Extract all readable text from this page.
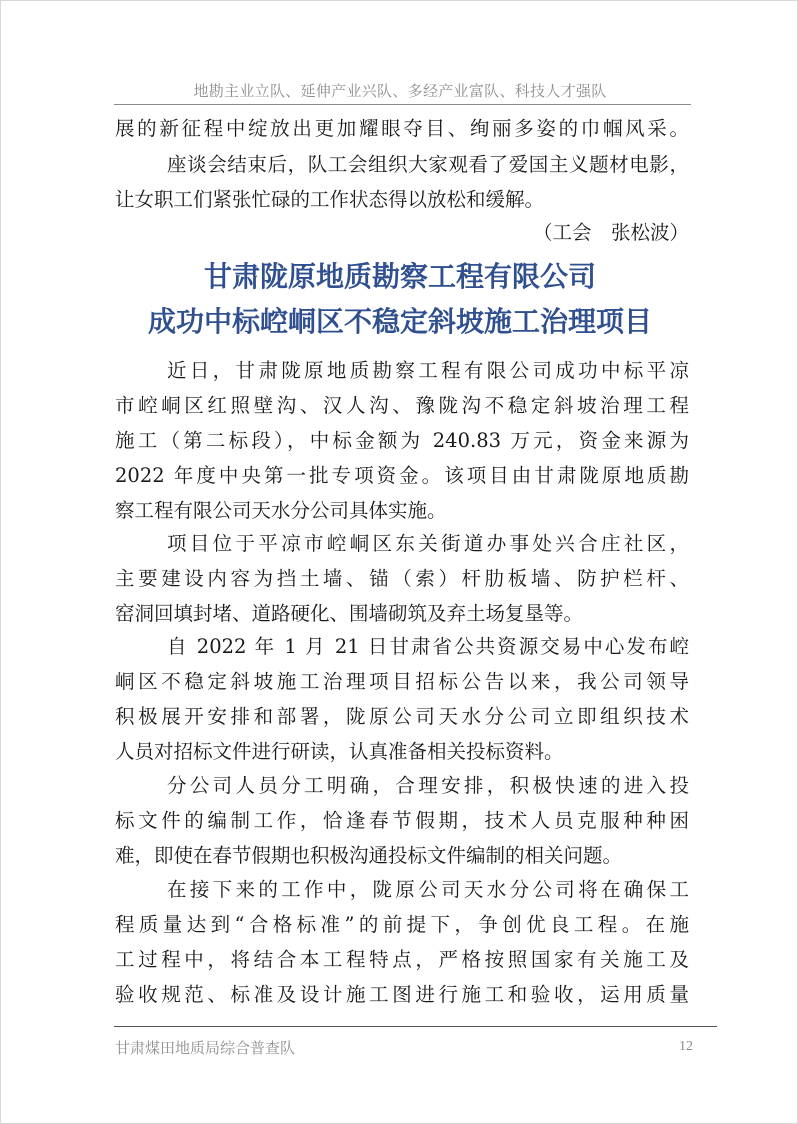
地勘主业立队、延伸产业兴队、多经产业富队、科技人才强队
展的新征程中绽放出更加耀眼夺目、绚丽多姿的巾帼风采。
座谈会结束后，队工会组织大家观看了爱国主义题材电影，
让女职工们紧张忙碌的工作状态得以放松和缓解。
（工会　张松波）
甘肃陇原地质勘察工程有限公司
成功中标崆峒区不稳定斜坡施工治理项目
近日，甘肃陇原地质勘察工程有限公司成功中标平凉
市崆峒区红照壁沟、汉人沟、豫陇沟不稳定斜坡治理工程
施工（第二标段），中标金额为 240.83 万元，资金来源为
2022 年度中央第一批专项资金。该项目由甘肃陇原地质勘
察工程有限公司天水分公司具体实施。
项目位于平凉市崆峒区东关街道办事处兴合庄社区，
主要建设内容为挡土墙、锚（索）杆肋板墙、防护栏杆、
窑洞回填封堵、道路硬化、围墙砌筑及弃土场复垦等。
自 2022 年 1 月 21 日甘肃省公共资源交易中心发布崆
峒区不稳定斜坡施工治理项目招标公告以来，我公司领导
积极展开安排和部署，陇原公司天水分公司立即组织技术
人员对招标文件进行研读，认真准备相关投标资料。
分公司人员分工明确，合理安排，积极快速的进入投
标文件的编制工作，恰逢春节假期，技术人员克服种种困
难，即使在春节假期也积极沟通投标文件编制的相关问题。
在接下来的工作中，陇原公司天水分公司将在确保工
程质量达到“合格标准”的前提下，争创优良工程。在施
工过程中，将结合本工程特点，严格按照国家有关施工及
验收规范、标准及设计施工图进行施工和验收，运用质量
甘肃煤田地质局综合普查队	12
